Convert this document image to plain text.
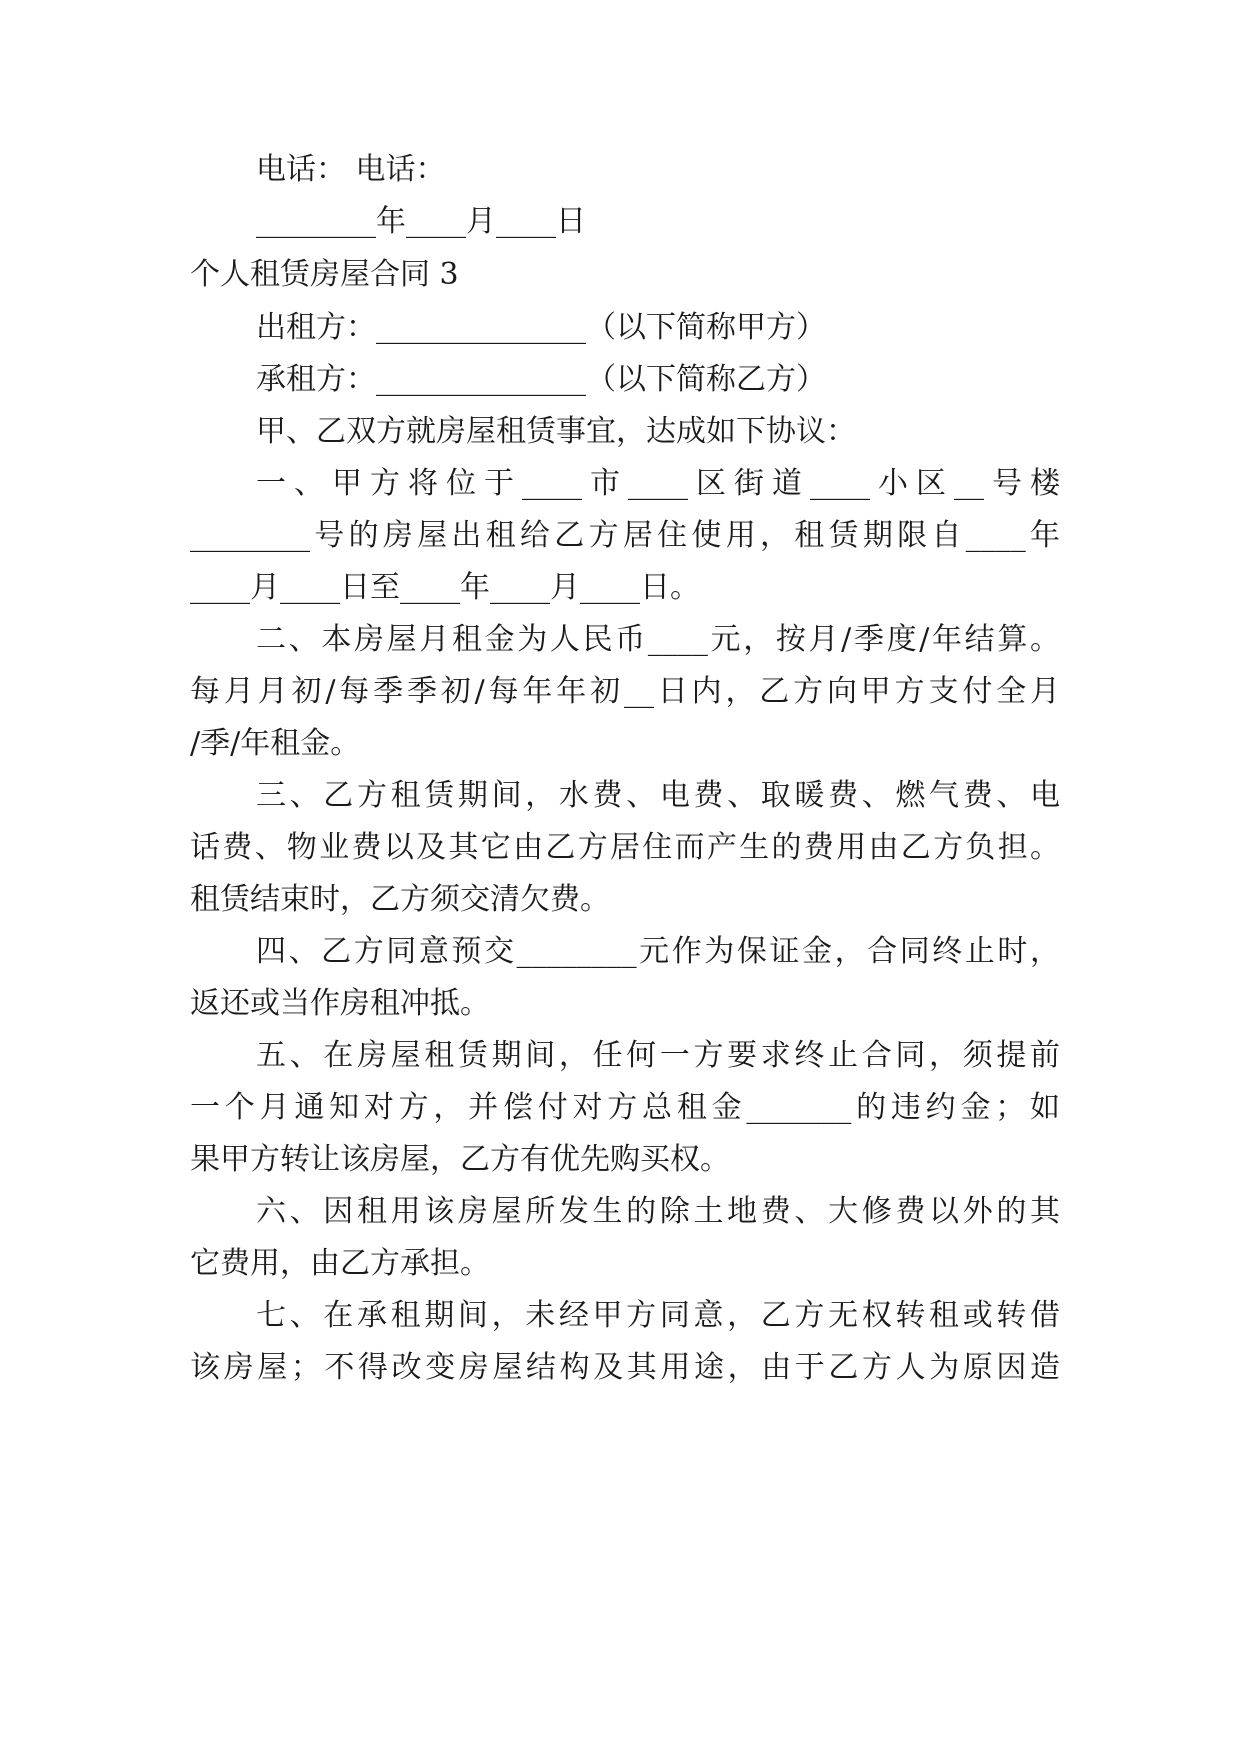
电话： 电话：
________年____月____日
个人租赁房屋合同 3
出租方：______________（以下简称甲方）
承租方：______________（以下简称乙方）
甲、乙双方就房屋租赁事宜，达成如下协议：
一、甲方将位于____市____区街道____小区__号楼
________号的房屋出租给乙方居住使用，租赁期限自____年
____月____日至____年____月____日。
二、本房屋月租金为人民币____元，按月/季度/年结算。
每月月初/每季季初/每年年初__日内，乙方向甲方支付全月
/季/年租金。
三、乙方租赁期间，水费、电费、取暖费、燃气费、电
话费、物业费以及其它由乙方居住而产生的费用由乙方负担。
租赁结束时，乙方须交清欠费。
四、乙方同意预交________元作为保证金，合同终止时，
返还或当作房租冲抵。
五、在房屋租赁期间，任何一方要求终止合同，须提前
一个月通知对方，并偿付对方总租金_______的违约金；如
果甲方转让该房屋，乙方有优先购买权。
六、因租用该房屋所发生的除土地费、大修费以外的其
它费用，由乙方承担。
七、在承租期间，未经甲方同意，乙方无权转租或转借
该房屋；不得改变房屋结构及其用途，由于乙方人为原因造
